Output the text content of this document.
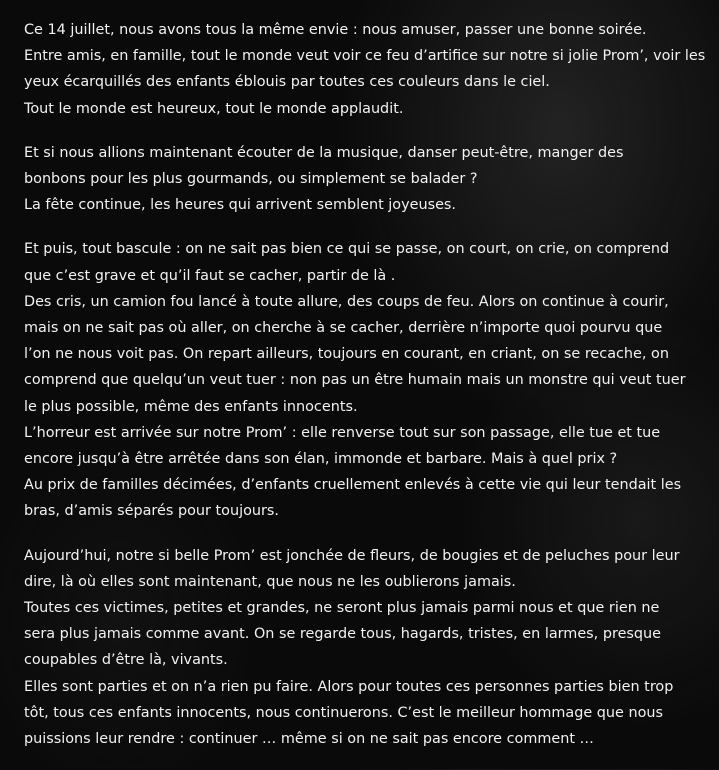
Ce 14 juillet, nous avons tous la même envie : nous amuser, passer une bonne soirée.
Entre amis, en famille, tout le monde veut voir ce feu d’artifice sur notre si jolie Prom’, voir les
yeux écarquillés des enfants éblouis par toutes ces couleurs dans le ciel.
Tout le monde est heureux, tout le monde applaudit.
Et si nous allions maintenant écouter de la musique, danser peut-être, manger des
bonbons pour les plus gourmands, ou simplement se balader ?
La fête continue, les heures qui arrivent semblent joyeuses.
Et puis, tout bascule : on ne sait pas bien ce qui se passe, on court, on crie, on comprend
que c’est grave et qu’il faut se cacher, partir de là .
Des cris, un camion fou lancé à toute allure, des coups de feu. Alors on continue à courir,
mais on ne sait pas où aller, on cherche à se cacher, derrière n’importe quoi pourvu que
l’on ne nous voit pas. On repart ailleurs, toujours en courant, en criant, on se recache, on
comprend que quelqu’un veut tuer : non pas un être humain mais un monstre qui veut tuer
le plus possible, même des enfants innocents.
L’horreur est arrivée sur notre Prom’ : elle renverse tout sur son passage, elle tue et tue
encore jusqu’à être arrêtée dans son élan, immonde et barbare. Mais à quel prix ?
Au prix de familles décimées, d’enfants cruellement enlevés à cette vie qui leur tendait les
bras, d’amis séparés pour toujours.
Aujourd’hui, notre si belle Prom’ est jonchée de fleurs, de bougies et de peluches pour leur
dire, là où elles sont maintenant, que nous ne les oublierons jamais.
Toutes ces victimes, petites et grandes, ne seront plus jamais parmi nous et que rien ne
sera plus jamais comme avant. On se regarde tous, hagards, tristes, en larmes, presque
coupables d’être là, vivants.
Elles sont parties et on n’a rien pu faire. Alors pour toutes ces personnes parties bien trop
tôt, tous ces enfants innocents, nous continuerons. C’est le meilleur hommage que nous
puissions leur rendre : continuer … même si on ne sait pas encore comment …
